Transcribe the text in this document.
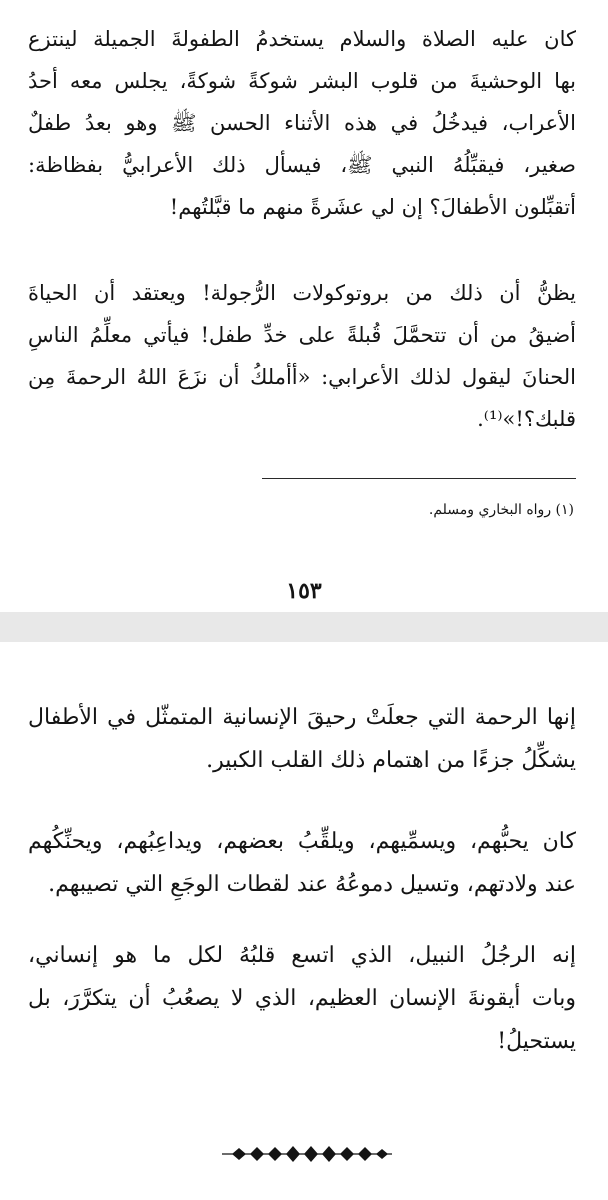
كان عليه الصلاة والسلام يستخدمُ الطفولةَ الجميلة لينتزع
بها الوحشيةَ من قلوب البشر شوكةً شوكةً، يجلس معه أحدُ
الأعراب، فيدخُلُ في هذه الأثناء الحسن ﷺ وهو بعدُ طفلٌ
صغير، فيقبِّلُهُ النبي ﷺ، فيسأل ذلك الأعرابيُّ بفظاظة:
أتقبِّلون الأطفالَ؟ إن لي عشَرةً منهم ما قبَّلتُهم!
يظنُّ أن ذلك من بروتوكولات الرُّجولة! ويعتقد أن الحياةَ
أضيقُ من أن تتحمَّلَ قُبلةً على خدِّ طفل! فيأتي معلِّمُ الناسِ
الحنانَ ليقول لذلك الأعرابي: «أأملكُ أن نزَعَ اللهُ الرحمةَ مِن
قلبك؟!»⁽¹⁾.
(١) رواه البخاري ومسلم.
١٥٣
إنها الرحمة التي جعلَتْ رحيقَ الإنسانية المتمثّل في الأطفال
يشكِّلُ جزءًا من اهتمام ذلك القلب الكبير.
كان يحبُّهم، ويسمِّيهم، ويلقِّبُ بعضهم، ويداعِبُهم، ويحنِّكُهم
عند ولادتهم، وتسيل دموعُهُ عند لقطات الوجَعِ التي تصيبهم.
إنه الرجُلُ النبيل، الذي اتسع قلبُهُ لكل ما هو إنساني،
وبات أيقونةَ الإنسان العظيم، الذي لا يصعُبُ أن يتكرَّرَ، بل
يستحيلُ!
